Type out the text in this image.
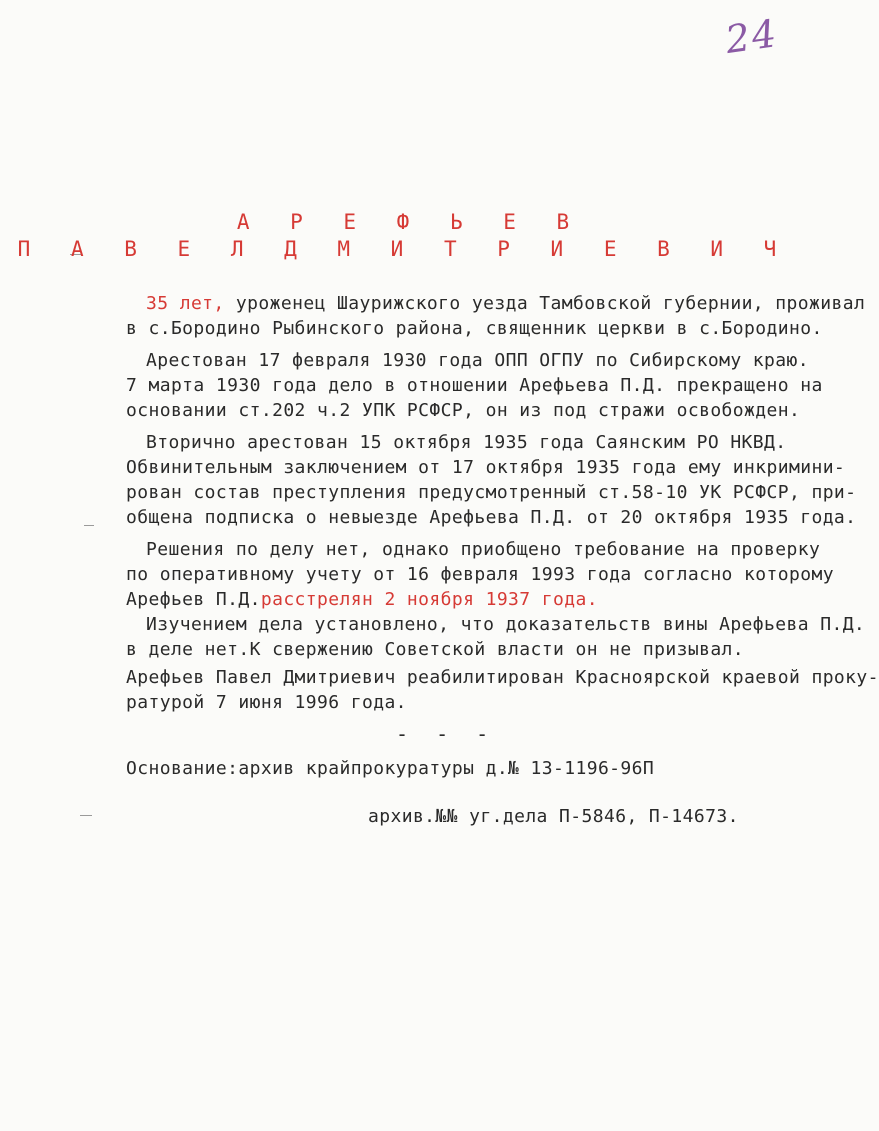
24
А Р Е Ф Ь Е В
П А В Е Л Д М И Т Р И Е В И Ч
35 лет, уроженец Шаурижского уезда Тамбовской губернии, проживал
в с.Бородино Рыбинского района, священник церкви в с.Бородино.
Арестован 17 февраля 1930 года ОПП ОГПУ по Сибирскому краю.
7 марта 1930 года дело в отношении Арефьева П.Д. прекращено на
основании ст.202 ч.2 УПК РСФСР, он из под стражи освобожден.
Вторично арестован 15 октября 1935 года Саянским РО НКВД.
Обвинительным заключением от 17 октября 1935 года ему инкримини-
рован состав преступления предусмотренный ст.58-10 УК РСФСР, при-
общена подписка о невыезде Арефьева П.Д. от 20 октября 1935 года.
Решения по делу нет, однако приобщено требование на проверку
по оперативному учету от 16 февраля 1993 года согласно которому
Арефьев П.Д.расстрелян 2 ноября 1937 года.
Изучением дела установлено, что доказательств вины Арефьева П.Д.
в деле нет.К свержению Советской власти он не призывал.
Арефьев Павел Дмитриевич реабилитирован Красноярской краевой проку-
ратурой 7 июня 1996 года.
- - -
Основание:архив крайпрокуратуры д.№ 13-1196-96П
архив.№№ уг.дела П-5846, П-14673.
